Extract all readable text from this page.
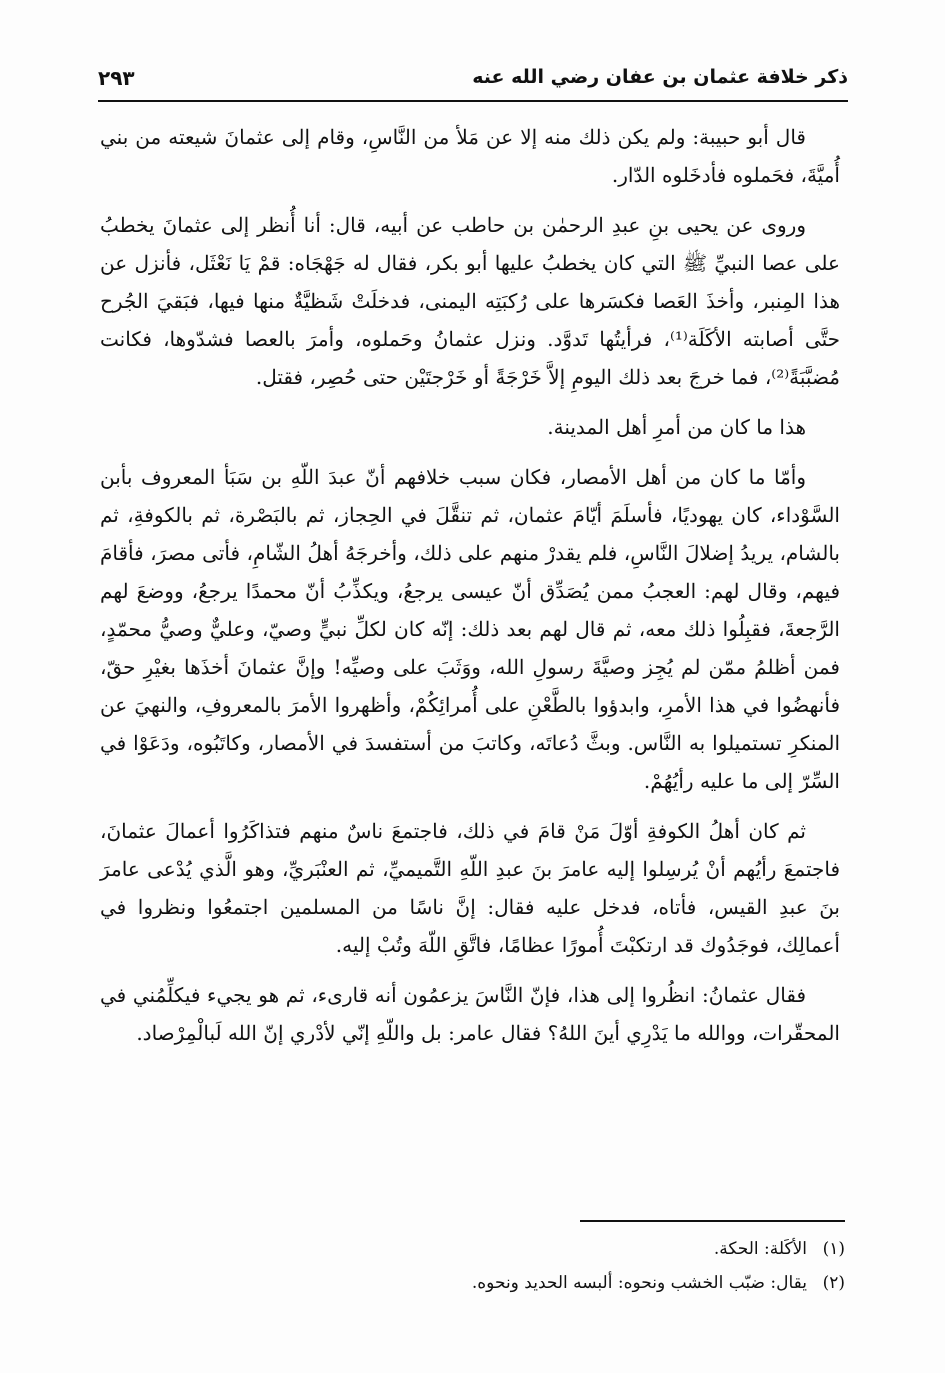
ذكر خلافة عثمان بن عفان رضي الله عنه
٢٩٣

قال أبو حبيبة: ولم يكن ذلك منه إلا عن مَلأ من النَّاسِ، وقام إلى عثمانَ شيعته من بني أُميَّةَ، فحَملوه فأدخَلوه الدّار.

وروى عن يحيى بنِ عبدِ الرحمٰن بن حاطب عن أبيه، قال: أنا أُنظر إلى عثمانَ يخطبُ على عصا النبيِّ ﷺ التي كان يخطبُ عليها أبو بكر، فقال له جَهْجَاه: قمْ يَا نَعْثَل، فأنزل عن هذا المِنبر، وأخذَ العَصا فكسَرها على رُكبَتِه اليمنى، فدخلَتْ شَظيَّةٌ منها فيها، فبَقيَ الجُرح حتَّى أصابته الأكَلَة⁽¹⁾، فرأيتُها تَدوَّد. ونزل عثمانُ وحَملوه، وأمرَ بالعصا فشدّوها، فكانت مُضبَّبَةً⁽²⁾، فما خرجَ بعد ذلك اليومِ إلاَّ خَرْجَةً أو خَرْجتَيْن حتى حُصِر، فقتل.

هذا ما كان من أمرِ أهل المدينة.

وأمّا ما كان من أهل الأمصار، فكان سبب خلافهم أنّ عبدَ اللّهِ بن سَبَأ المعروف بأبن السَّوْداء، كان يهوديًا، فأسلَمَ أيّامَ عثمان، ثم تنقَّلَ في الحِجاز، ثم بالبَصْرة، ثم بالكوفةِ، ثم بالشام، يريدُ إضلالَ النَّاسِ، فلم يقدرْ منهم على ذلك، وأخرجَهُ أهلُ الشّامِ، فأتى مصرَ، فأقامَ فيهم، وقال لهم: العجبُ ممن يُصَدِّق أنّ عيسى يرجعُ، ويكذِّبُ أنّ محمدًا يرجعُ، ووضعَ لهم الرَّجعةَ، فقبِلُوا ذلك معه، ثم قال لهم بعد ذلك: إنّه كان لكلِّ نبيٍّ وصيّ، وعليٌّ وصيُّ محمّدٍ، فمن أظلمُ ممّن لم يُجِز وصيَّةَ رسولِ الله، ووَثَبَ على وصيِّه! وإنَّ عثمانَ أخذَها بغيْرِ حقّ، فأنهضُوا في هذا الأمرِ، وابدؤوا بالطَّعْنِ على أُمرائِكُمْ، وأظهروا الأمرَ بالمعروفِ، والنهيَ عن المنكرِ تستميلوا به النَّاس. وبثَّ دُعاتَه، وكاتبَ من أستفسدَ في الأمصار، وكاتَبُوه، ودَعَوْا في السِّرّ إلى ما عليه رأيُهُمْ.

ثم كان أهلُ الكوفةِ أوّلَ مَنْ قامَ في ذلك، فاجتمعَ ناسٌ منهم فتذاكَرُوا أعمالَ عثمانَ، فاجتمعَ رأيُهم أنْ يُرسِلوا إليه عامرَ بنَ عبدِ اللّهِ التَّميميِّ، ثم العنْبَريِّ، وهو الَّذي يُدْعى عامرَ بنَ عبدِ القيس، فأتاه، فدخل عليه فقال: إنَّ ناسًا من المسلمين اجتمعُوا ونظروا في أعمالِك، فوجَدُوك قد ارتكبْتَ أُمورًا عظامًا، فاتَّقِ اللّهَ وتُبْ إليه.

فقال عثمانُ: انظُروا إلى هذا، فإنّ النَّاسَ يزعمُون أنه قارىء، ثم هو يجيء فيكلِّمُني في المحقّرات، ووالله ما يَدْرِي أينَ اللهُ؟ فقال عامر: بل واللّهِ إنّي لأدْري إنّ الله لَبالْمِرْصاد.

(١)
الأكَلة: الحكة.
(٢)
يقال: ضبّب الخشب ونحوه: ألبسه الحديد ونحوه.
